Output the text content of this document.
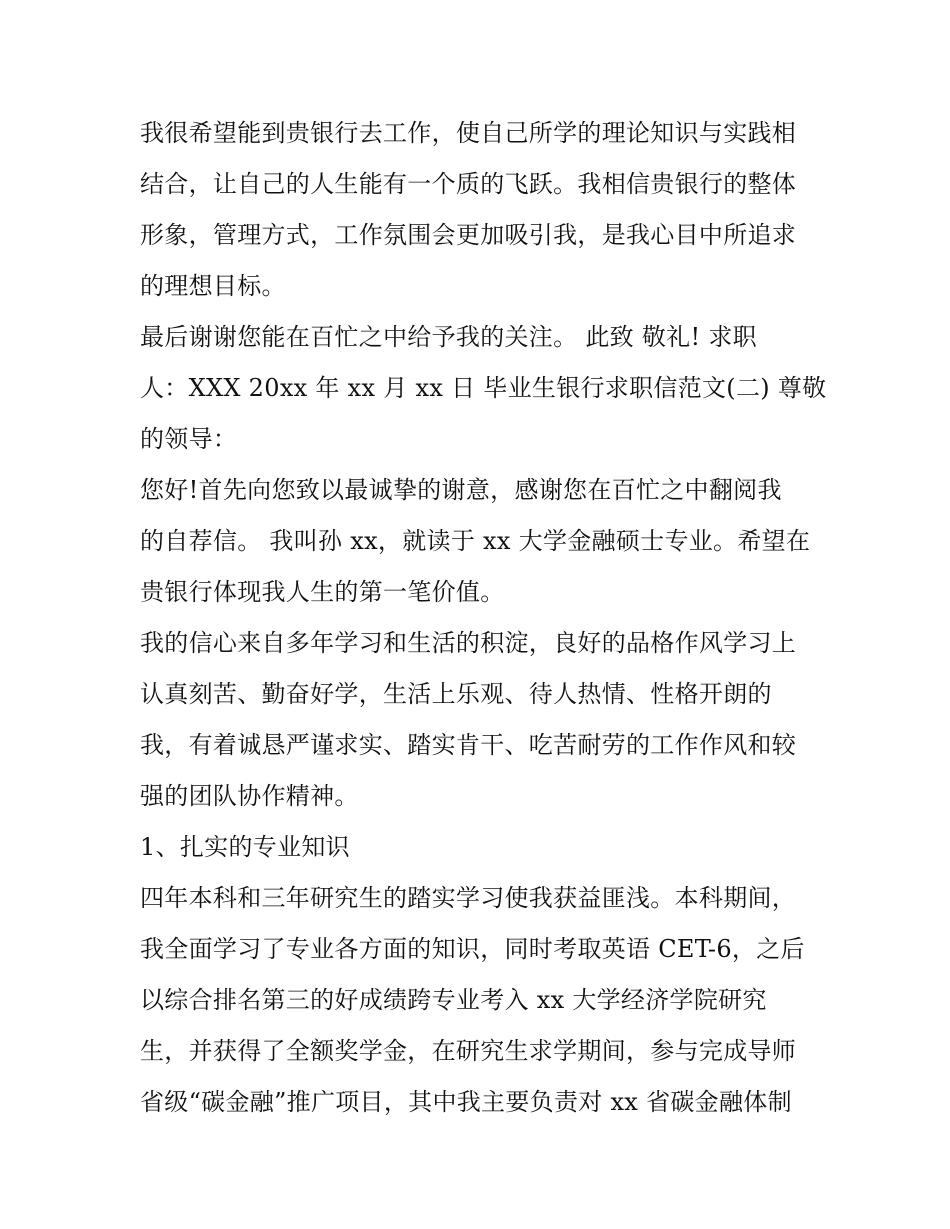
我很希望能到贵银行去工作，使自己所学的理论知识与实践相
结合，让自己的人生能有一个质的飞跃。我相信贵银行的整体
形象，管理方式，工作氛围会更加吸引我，是我心目中所追求
的理想目标。
最后谢谢您能在百忙之中给予我的关注。 此致 敬礼! 求职
人：XXX 20xx 年 xx 月 xx 日 毕业生银行求职信范文(二) 尊敬
的领导：
您好!首先向您致以最诚挚的谢意，感谢您在百忙之中翻阅我
的自荐信。 我叫孙 xx，就读于 xx 大学金融硕士专业。希望在
贵银行体现我人生的第一笔价值。
我的信心来自多年学习和生活的积淀，良好的品格作风学习上
认真刻苦、勤奋好学，生活上乐观、待人热情、性格开朗的
我，有着诚恳严谨求实、踏实肯干、吃苦耐劳的工作作风和较
强的团队协作精神。
1、扎实的专业知识
四年本科和三年研究生的踏实学习使我获益匪浅。本科期间，
我全面学习了专业各方面的知识，同时考取英语 CET-6，之后
以综合排名第三的好成绩跨专业考入 xx 大学经济学院研究
生，并获得了全额奖学金，在研究生求学期间，参与完成导师
省级“碳金融”推广项目，其中我主要负责对 xx 省碳金融体制
